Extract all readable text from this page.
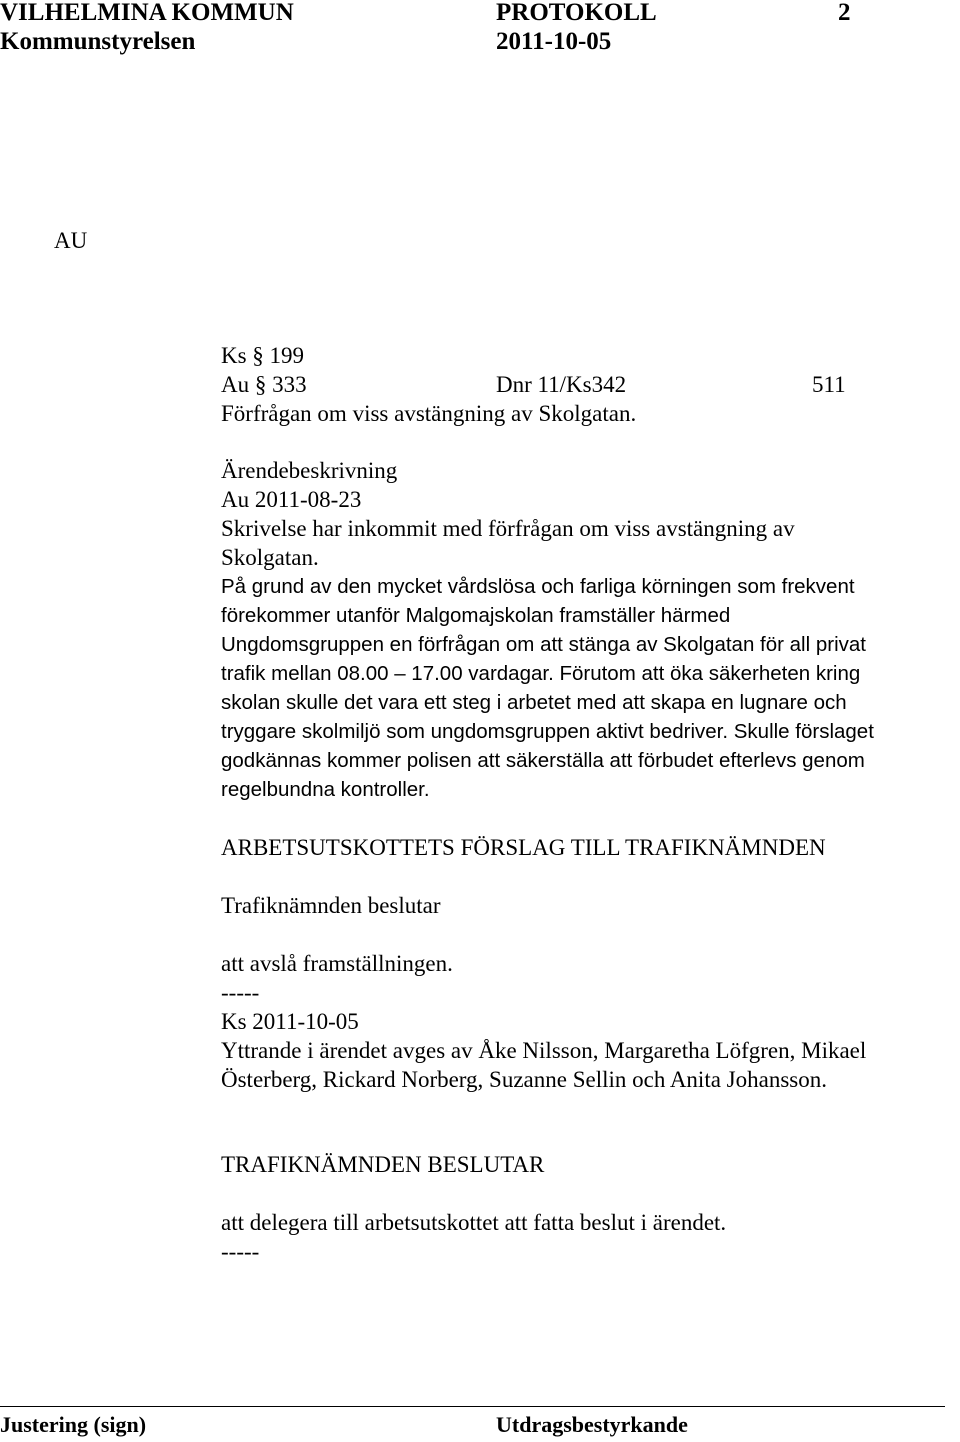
VILHELMINA KOMMUN	PROTOKOLL	2
Kommunstyrelsen	2011-10-05
AU
Ks § 199
Au § 333	Dnr 11/Ks342	511
Förfrågan om viss avstängning av Skolgatan.
Ärendebeskrivning
Au 2011-08-23
Skrivelse har inkommit med förfrågan om viss avstängning av
Skolgatan.
På grund av den mycket vårdslösa och farliga körningen som frekvent
förekommer utanför Malgomajskolan framställer härmed
Ungdomsgruppen en förfrågan om att stänga av Skolgatan för all privat
trafik mellan 08.00 – 17.00 vardagar. Förutom att öka säkerheten kring
skolan skulle det vara ett steg i arbetet med att skapa en lugnare och
tryggare skolmiljö som ungdomsgruppen aktivt bedriver. Skulle förslaget
godkännas kommer polisen att säkerställa att förbudet efterlevs genom
regelbundna kontroller.
ARBETSUTSKOTTETS FÖRSLAG TILL TRAFIKNÄMNDEN
Trafiknämnden beslutar
att avslå framställningen.
-----
Ks 2011-10-05
Yttrande i ärendet avges av Åke Nilsson, Margaretha Löfgren, Mikael
Österberg, Rickard Norberg, Suzanne Sellin och Anita Johansson.
TRAFIKNÄMNDEN BESLUTAR
att delegera till arbetsutskottet att fatta beslut i ärendet.
-----
Justering (sign)	Utdragsbestyrkande
